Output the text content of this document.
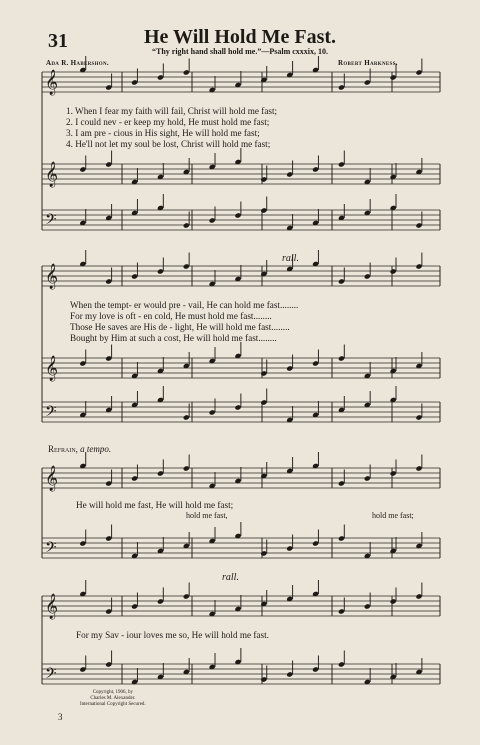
31	He Will Hold Me Fast.
“Thy right hand shall hold me.”—Psalm cxxxix, 10.
Ada R. Habershon.	Robert Harkness.
𝄞
𝄞
𝄢
𝄞
𝄞
𝄢
𝄞
𝄢
𝄞
𝄢
1. When I fear my faith will fail, Christ will hold me fast;
2. I could nev - er keep my hold, He must hold me fast;
3. I am pre - cious in His sight, He will hold me fast;
4. He'll not let my soul be lost, Christ will hold me fast;
rall.
When the tempt- er would pre - vail, He can hold me fast........
For my love is oft - en cold, He must hold me fast........
Those He saves are His de - light, He will hold me fast........
Bought by Him at such a cost, He will hold me fast........
Refrain, a tempo.
He will hold me fast, He will hold me fast;
hold me fast,	hold me fast;
rall.
For my Sav - iour loves me so, He will hold me fast.
Copyright, 1906, by
Charles M. Alexander.
International Copyright Secured.
3
